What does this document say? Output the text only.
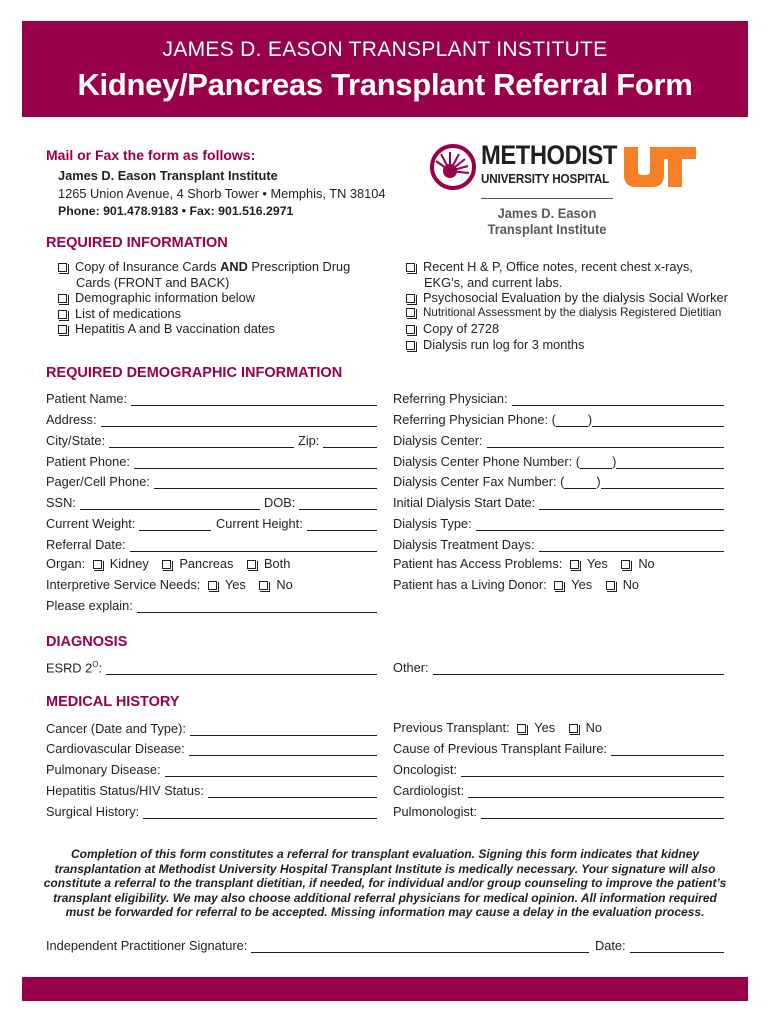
JAMES D. EASON TRANSPLANT INSTITUTE
Kidney/Pancreas Transplant Referral Form
Mail or Fax the form as follows:
James D. Eason Transplant Institute
1265 Union Avenue, 4 Shorb Tower • Memphis, TN 38104
Phone: 901.478.9183 • Fax: 901.516.2971
METHODIST
UNIVERSITY HOSPITAL
James D. Eason
Transplant Institute
REQUIRED INFORMATION
Copy of Insurance Cards AND Prescription Drug
Cards (FRONT and BACK)
Demographic information below
List of medications
Hepatitis A and B vaccination dates
Recent H & P, Office notes, recent chest x-rays,
EKG’s, and current labs.
Psychosocial Evaluation by the dialysis Social Worker
Nutritional Assessment by the dialysis Registered Dietitian
Copy of 2728
Dialysis run log for 3 months
REQUIRED DEMOGRAPHIC INFORMATION
Patient Name:
Address:
City/State:	Zip:
Patient Phone:
Pager/Cell Phone:
SSN:	DOB:
Current Weight:	Current Height:
Referral Date:
Organ: Kidney Pancreas Both
Interpretive Service Needs: Yes No
Please explain:
Referring Physician:
Referring Physician Phone: (	)
Dialysis Center:
Dialysis Center Phone Number: (	)
Dialysis Center Fax Number: (	)
Initial Dialysis Start Date:
Dialysis Type:
Dialysis Treatment Days:
Patient has Access Problems: Yes No
Patient has a Living Donor: Yes No
DIAGNOSIS
ESRD $2^O$:	Other:
MEDICAL HISTORY
Cancer (Date and Type):
Cardiovascular Disease:
Pulmonary Disease:
Hepatitis Status/HIV Status:
Surgical History:
Previous Transplant: Yes No
Cause of Previous Transplant Failure:
Oncologist:
Cardiologist:
Pulmonologist:
Completion of this form constitutes a referral for transplant evaluation. Signing this form indicates that kidney transplantation at Methodist University Hospital Transplant Institute is medically necessary. Your signature will also constitute a referral to the transplant dietitian, if needed, for individual and/or group counseling to improve the patient’s transplant eligibility. We may also choose additional referral physicians for medical opinion. All information required must be forwarded for referral to be accepted. Missing information may cause a delay in the evaluation process.
Independent Practitioner Signature:	Date:
